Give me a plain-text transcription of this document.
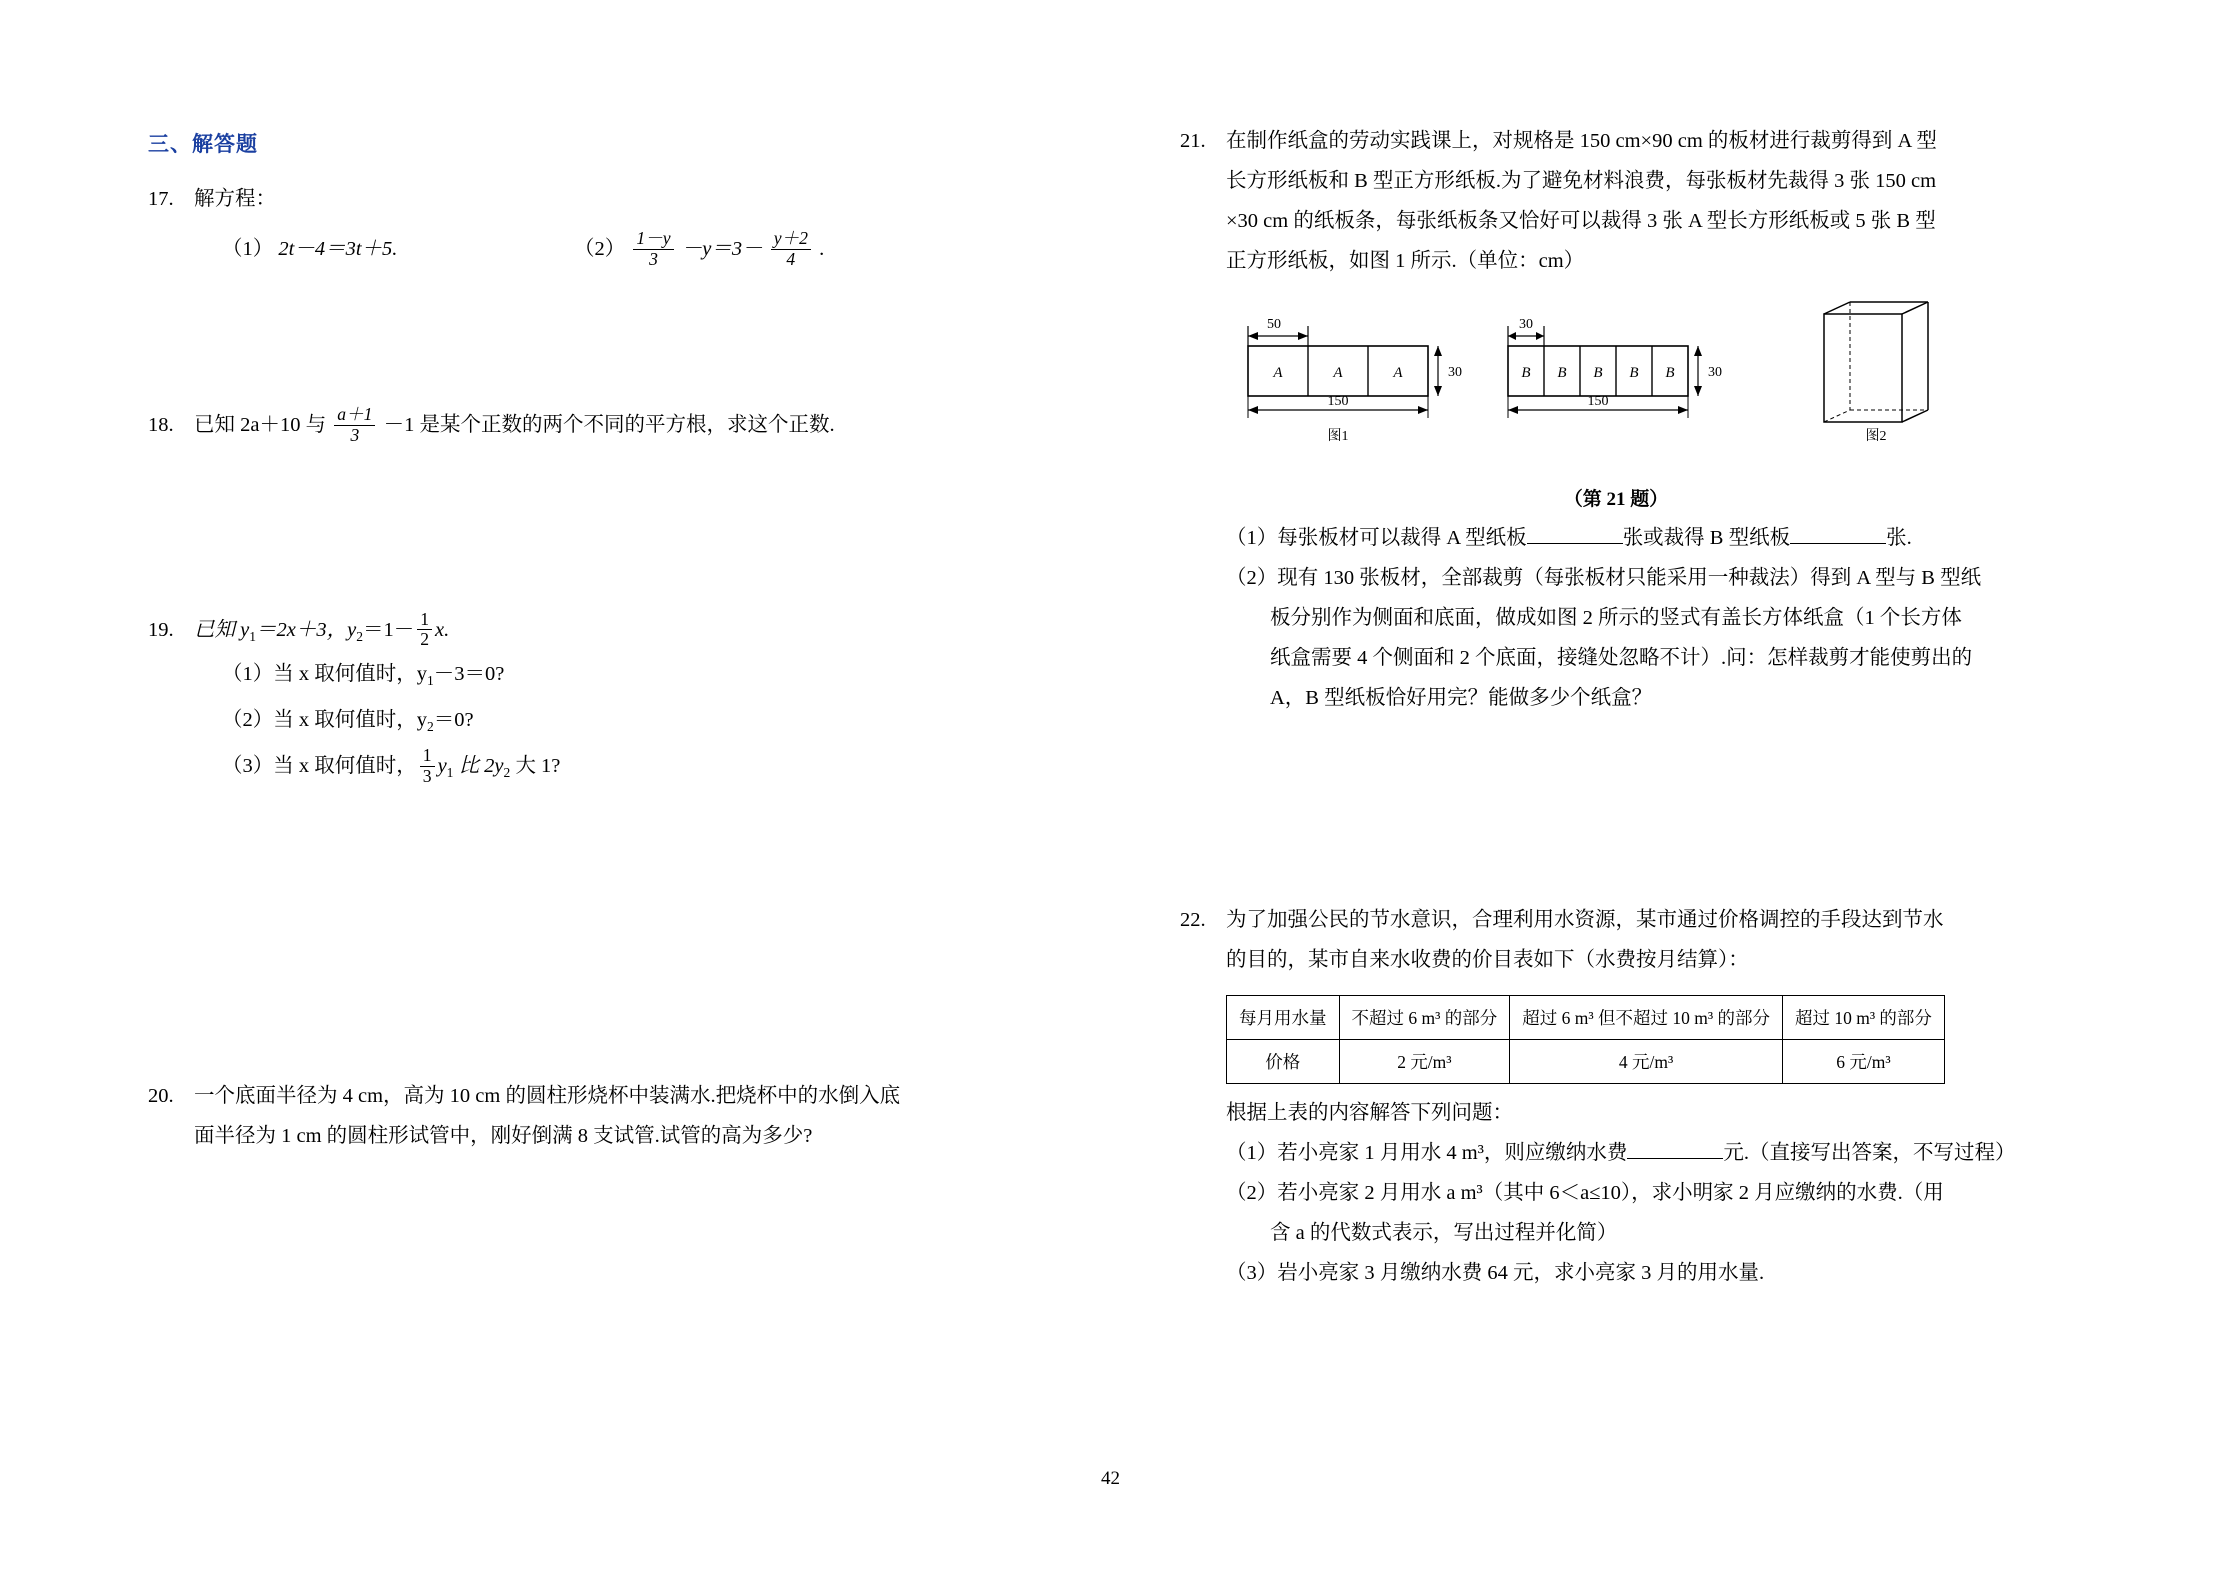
三、解答题
17. 解方程：
（1） 2t－4＝3t＋5.	$(2) \frac{1-y}{3} -y=3- \frac{y+2}{4}$ .
18. 已知 2a＋10 与 $\frac{a+1}{3} -1$ 是某个正数的两个不同的平方根，求这个正数.
19. 已知 $y_1=2x+3$，$y_2=1- \frac{1}{2} x$.
（1）当 x 取何值时，$y_1-3=0$?
（2）当 x 取何值时，$y_2=0$?
（3）当 x 取何值时， $\frac{1}{3} y_1$ 比 $2y_2$ 大 1?
20. 一个底面半径为 4 cm，高为 10 cm 的圆柱形烧杯中装满水.把烧杯中的水倒入底
面半径为 1 cm 的圆柱形试管中，刚好倒满 8 支试管.试管的高为多少?
21. 在制作纸盒的劳动实践课上，对规格是 150 cm×90 cm 的板材进行裁剪得到 A 型
长方形纸板和 B 型正方形纸板.为了避免材料浪费，每张板材先裁得 3 张 150 cm
×30 cm 的纸板条，每张纸板条又恰好可以裁得 3 张 A 型长方形纸板或 5 张 B 型
正方形纸板，如图 1 所示.（单位：cm）
50
A	A	A	30
150
图1
30
B B B B B 30
150
图2
（第 21 题）
（1）每张板材可以裁得 A 型纸板	张或裁得 B 型纸板	张.
（2）现有 130 张板材，全部裁剪（每张板材只能采用一种裁法）得到 A 型与 B 型纸
板分别作为侧面和底面，做成如图 2 所示的竖式有盖长方体纸盒（1 个长方体
纸盒需要 4 个侧面和 2 个底面，接缝处忽略不计）.问：怎样裁剪才能使剪出的
A，B 型纸板恰好用完？能做多少个纸盒？
22. 为了加强公民的节水意识，合理利用水资源，某市通过价格调控的手段达到节水
的目的，某市自来水收费的价目表如下（水费按月结算）：
每月用水量	不超过 6 m³ 的部分	超过 6 m³ 但不超过 10 m³ 的部分	超过 10 m³ 的部分
价格	2 元/m³	4 元/m³	6 元/m³
根据上表的内容解答下列问题：
（1）若小亮家 1 月用水 4 m³，则应缴纳水费	元.（直接写出答案，不写过程）
（2）若小亮家 2 月用水 a m³（其中 6＜a≤10），求小明家 2 月应缴纳的水费.（用
含 a 的代数式表示，写出过程并化简）
（3）岩小亮家 3 月缴纳水费 64 元，求小亮家 3 月的用水量.
42
